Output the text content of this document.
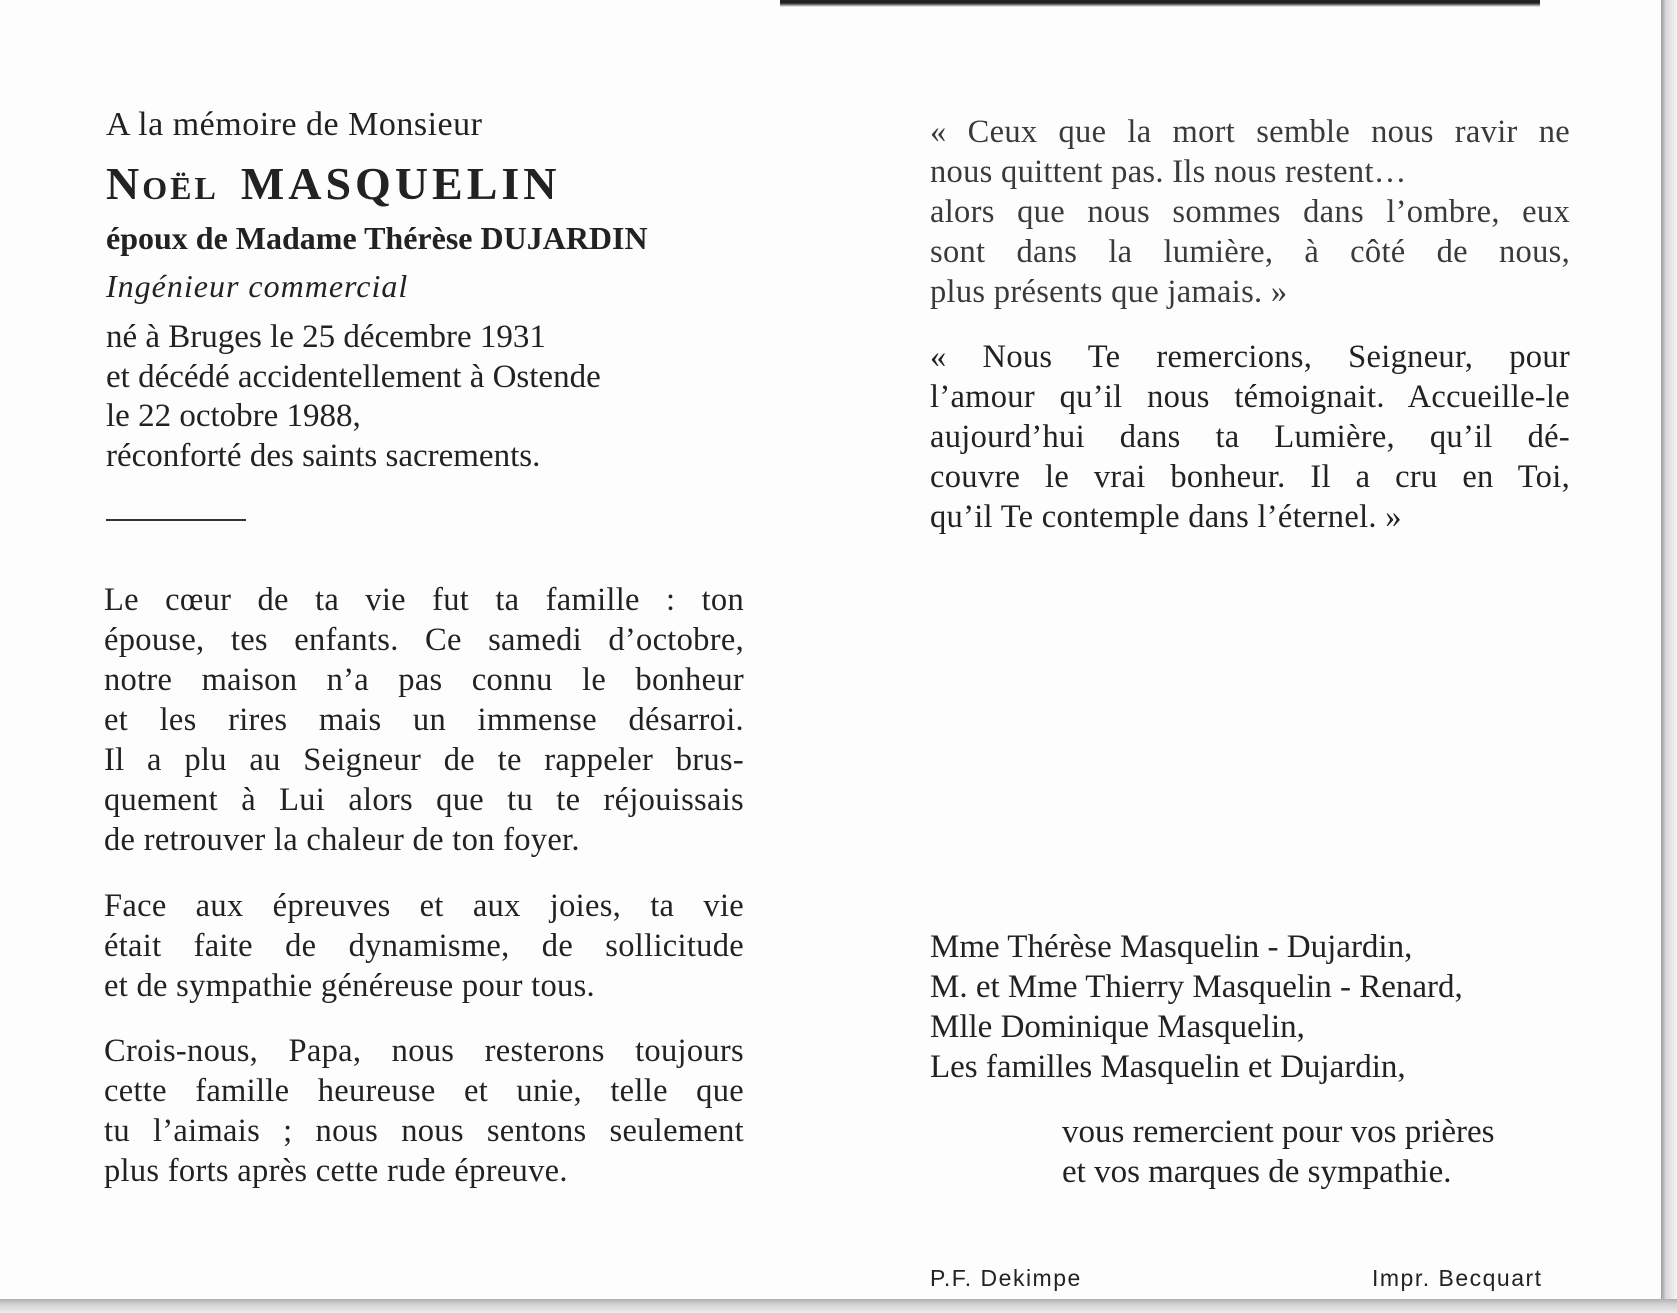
A la mémoire de Monsieur
Noël MASQUELIN
époux de Madame Thérèse DUJARDIN
Ingénieur commercial
né à Bruges le 25 décembre 1931
et décédé accidentellement à Ostende
le 22 octobre 1988,
réconforté des saints sacrements.
Le cœur de ta vie fut ta famille : ton
épouse, tes enfants. Ce samedi d’octobre,
notre maison n’a pas connu le bonheur
et les rires mais un immense désarroi.
Il a plu au Seigneur de te rappeler brus-
quement à Lui alors que tu te réjouissais
de retrouver la chaleur de ton foyer.
Face aux épreuves et aux joies, ta vie
était faite de dynamisme, de sollicitude
et de sympathie généreuse pour tous.
Crois-nous, Papa, nous resterons toujours
cette famille heureuse et unie, telle que
tu l’aimais ; nous nous sentons seulement
plus forts après cette rude épreuve.
« Ceux que la mort semble nous ravir ne
nous quittent pas. Ils nous restent…
alors que nous sommes dans l’ombre, eux
sont dans la lumière, à côté de nous,
plus présents que jamais. »
« Nous Te remercions, Seigneur, pour
l’amour qu’il nous témoignait. Accueille-le
aujourd’hui dans ta Lumière, qu’il dé-
couvre le vrai bonheur. Il a cru en Toi,
qu’il Te contemple dans l’éternel. »
Mme Thérèse Masquelin - Dujardin,
M. et Mme Thierry Masquelin - Renard,
Mlle Dominique Masquelin,
Les familles Masquelin et Dujardin,
vous remercient pour vos prières
et vos marques de sympathie.
P.F. Dekimpe	Impr. Becquart
